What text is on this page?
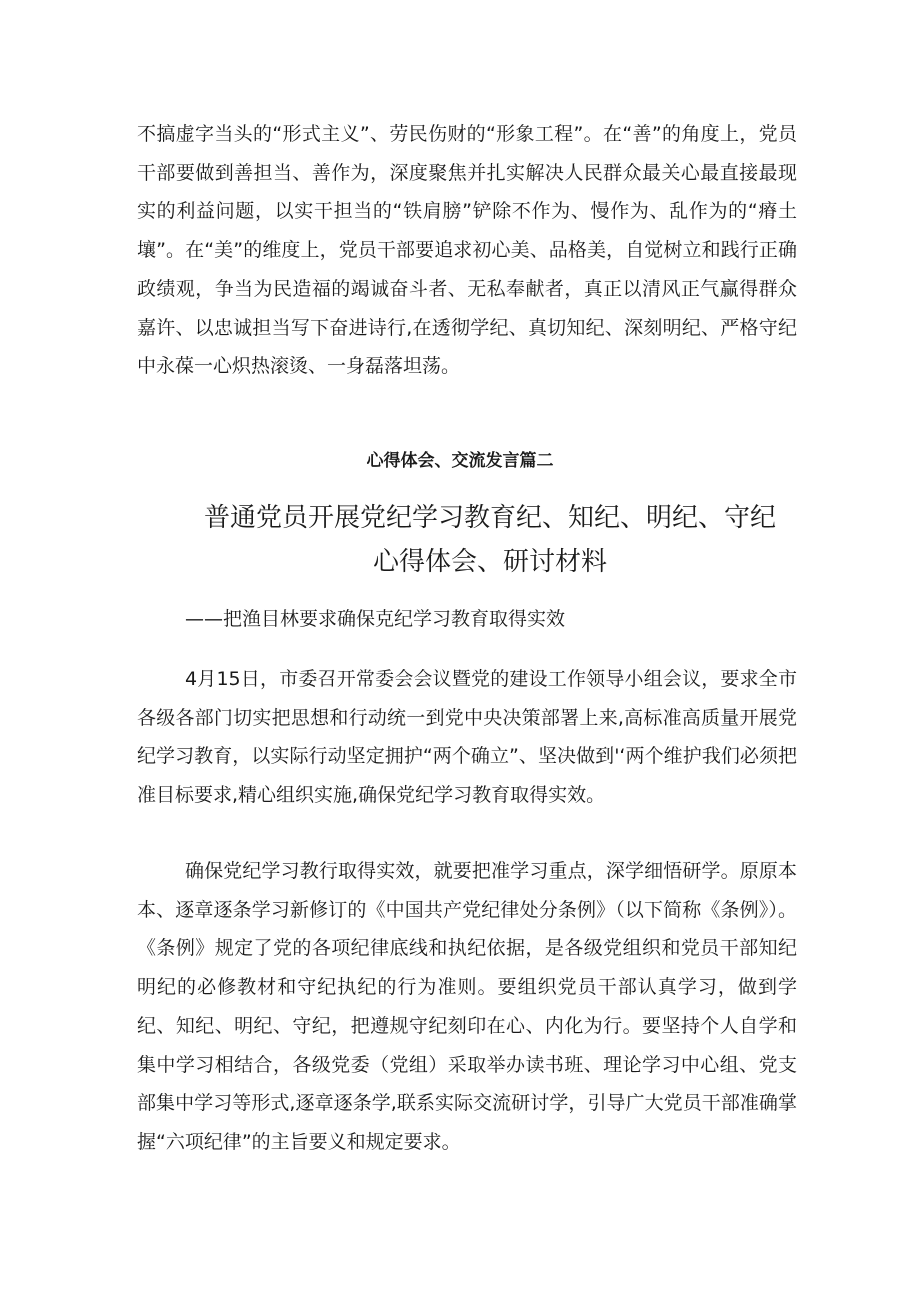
不搞虚字当头的“形式主义”、劳民伤财的“形象工程”。在“善”的角度上，党员干部要做到善担当、善作为，深度聚焦并扎实解决人民群众最关心最直接最现实的利益问题，以实干担当的“铁肩膀”铲除不作为、慢作为、乱作为的“瘠土壤”。在“美”的维度上，党员干部要追求初心美、品格美，自觉树立和践行正确政绩观，争当为民造福的竭诚奋斗者、无私奉献者，真正以清风正气赢得群众嘉许、以忠诚担当写下奋进诗行,在透彻学纪、真切知纪、深刻明纪、严格守纪中永葆一心炽热滚烫、一身磊落坦荡。

心得体会、交流发言篇二
普通党员开展党纪学习教育纪、知纪、明纪、守纪
心得体会、研讨材料

——把渔目林要求确保克纪学习教育取得实效

4月15日，市委召开常委会会议暨党的建设工作领导小组会议，要求全市各级各部门切实把思想和行动统一到党中央决策部署上来,高标准高质量开展党纪学习教育，以实际行动坚定拥护“两个确立”、坚决做到'‘两个维护我们必须把准目标要求,精心组织实施,确保党纪学习教育取得实效。

确保党纪学习教行取得实效，就要把准学习重点，深学细悟研学。原原本本、逐章逐条学习新修订的《中国共产党纪律处分条例》（以下简称《条例》）。《条例》规定了党的各项纪律底线和执纪依据，是各级党组织和党员干部知纪明纪的必修教材和守纪执纪的行为准则。要组织党员干部认真学习，做到学纪、知纪、明纪、守纪，把遵规守纪刻印在心、内化为行。要坚持个人自学和集中学习相结合，各级党委（党组）采取举办读书班、理论学习中心组、党支部集中学习等形式,逐章逐条学,联系实际交流研讨学，引导广大党员干部准确掌握“六项纪律”的主旨要义和规定要求。
